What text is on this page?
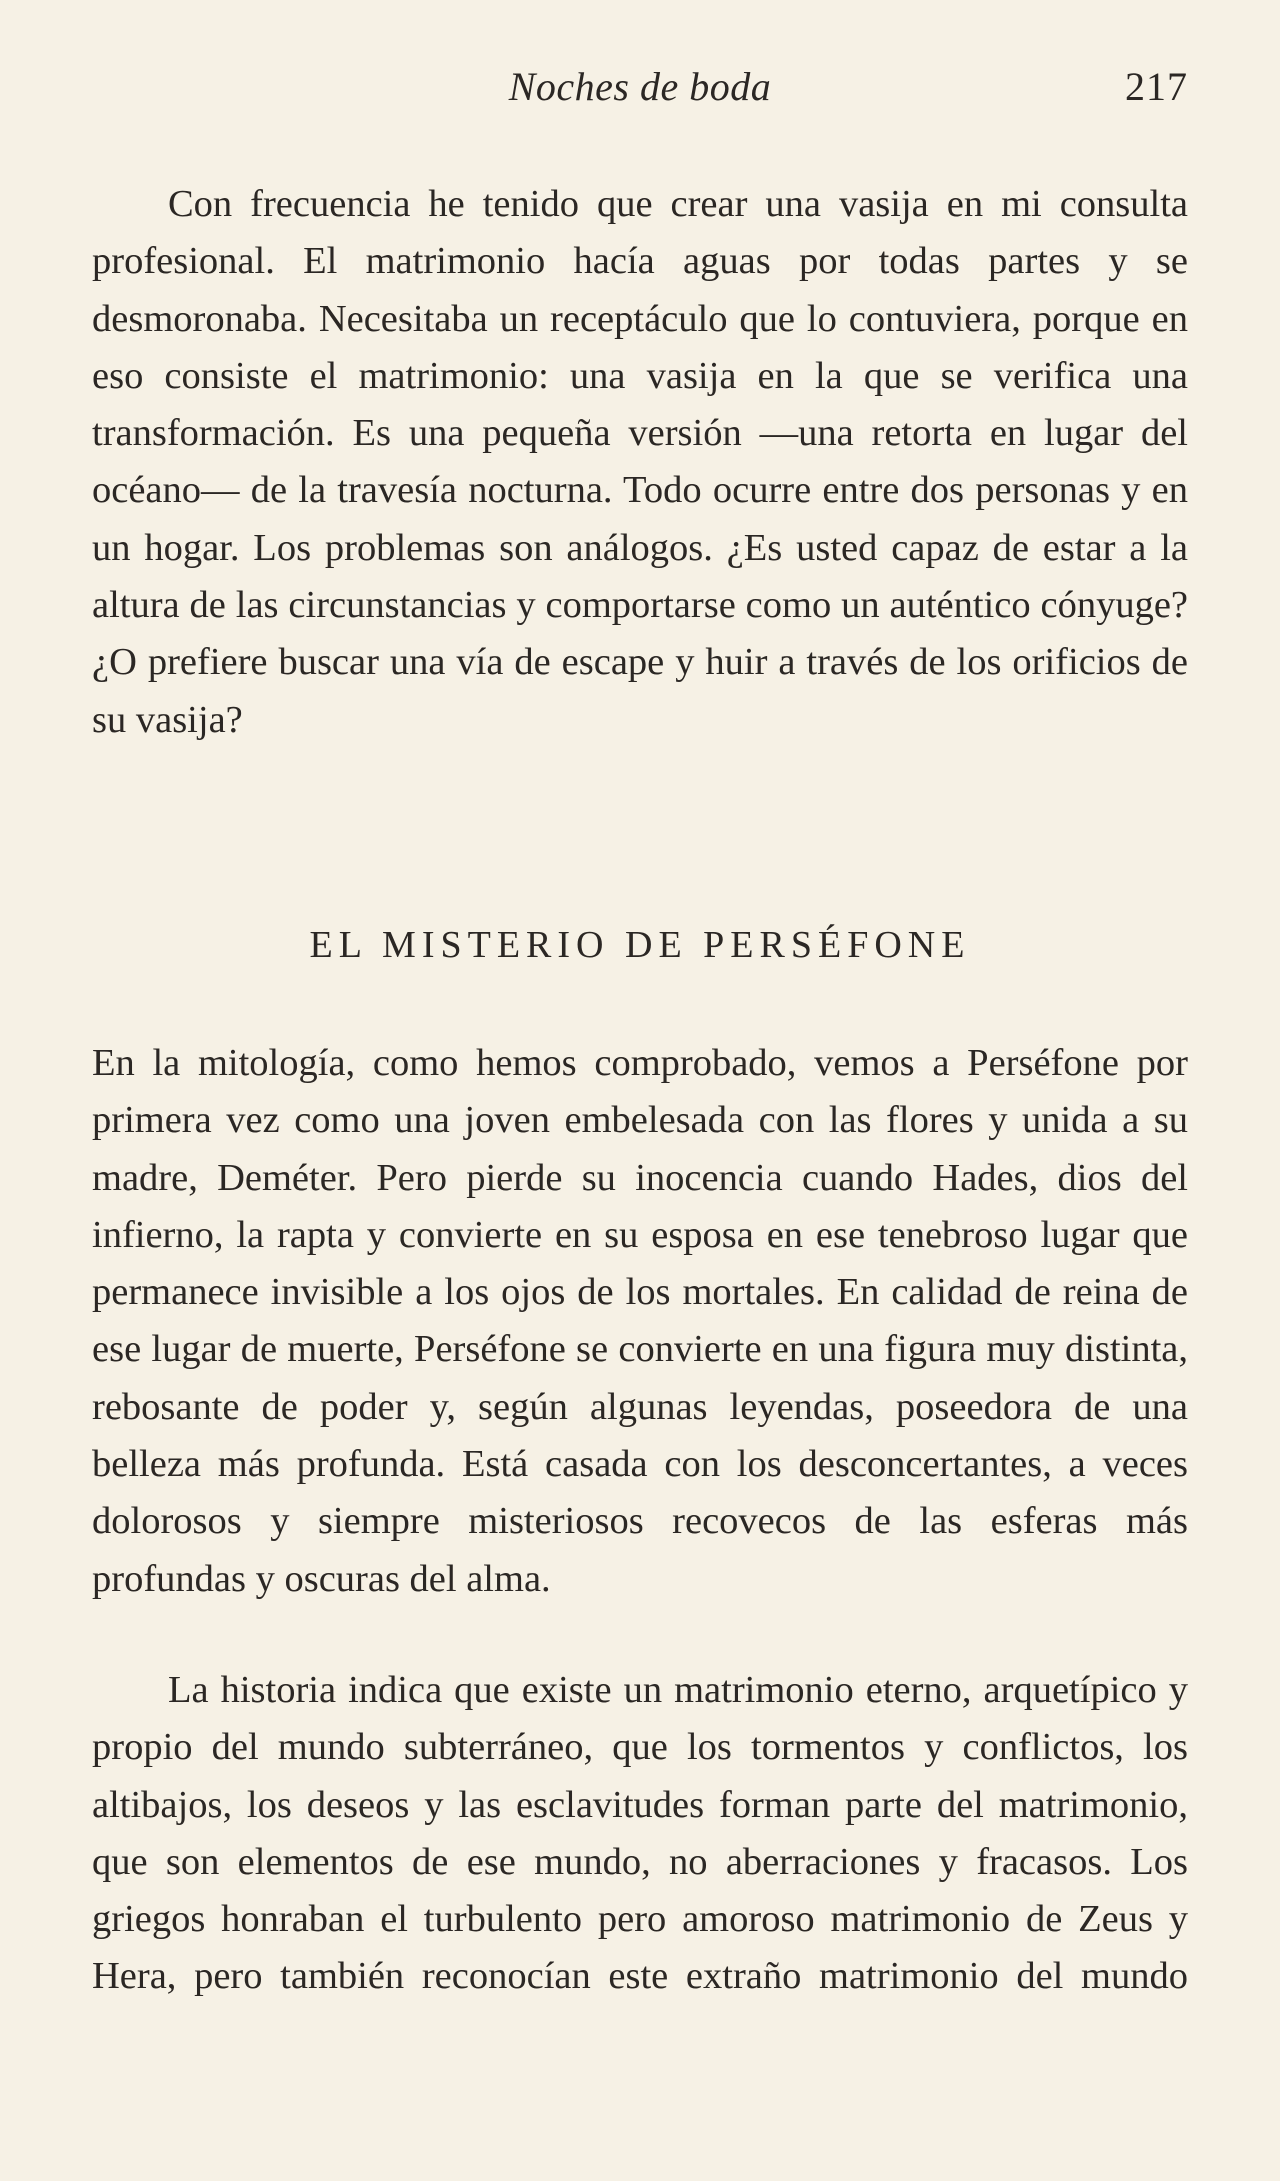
Noches de boda	217

Con frecuencia he tenido que crear una vasija en mi consulta profesional. El matrimonio hacía aguas por todas partes y se desmoronaba. Necesitaba un receptáculo que lo contuviera, porque en eso consiste el matrimonio: una vasija en la que se verifica una transformación. Es una pequeña versión —una retorta en lugar del océano— de la travesía nocturna. Todo ocurre entre dos personas y en un hogar. Los problemas son análogos. ¿Es usted capaz de estar a la altura de las circunstancias y comportarse como un auténtico cónyuge? ¿O prefiere buscar una vía de escape y huir a través de los orificios de su vasija?

EL MISTERIO DE PERSÉFONE

En la mitología, como hemos comprobado, vemos a Perséfone por primera vez como una joven embelesada con las flores y unida a su madre, Deméter. Pero pierde su inocencia cuando Hades, dios del infierno, la rapta y convierte en su esposa en ese tenebroso lugar que permanece invisible a los ojos de los mortales. En calidad de reina de ese lugar de muerte, Perséfone se convierte en una figura muy distinta, rebosante de poder y, según algunas leyendas, poseedora de una belleza más profunda. Está casada con los desconcertantes, a veces dolorosos y siempre misteriosos recovecos de las esferas más profundas y oscuras del alma.

La historia indica que existe un matrimonio eterno, arquetípico y propio del mundo subterráneo, que los tormentos y conflictos, los altibajos, los deseos y las esclavitudes forman parte del matrimonio, que son elementos de ese mundo, no aberraciones y fracasos. Los griegos honraban el turbulento pero amoroso matrimonio de Zeus y Hera, pero también reconocían este extraño matrimonio del mundo
